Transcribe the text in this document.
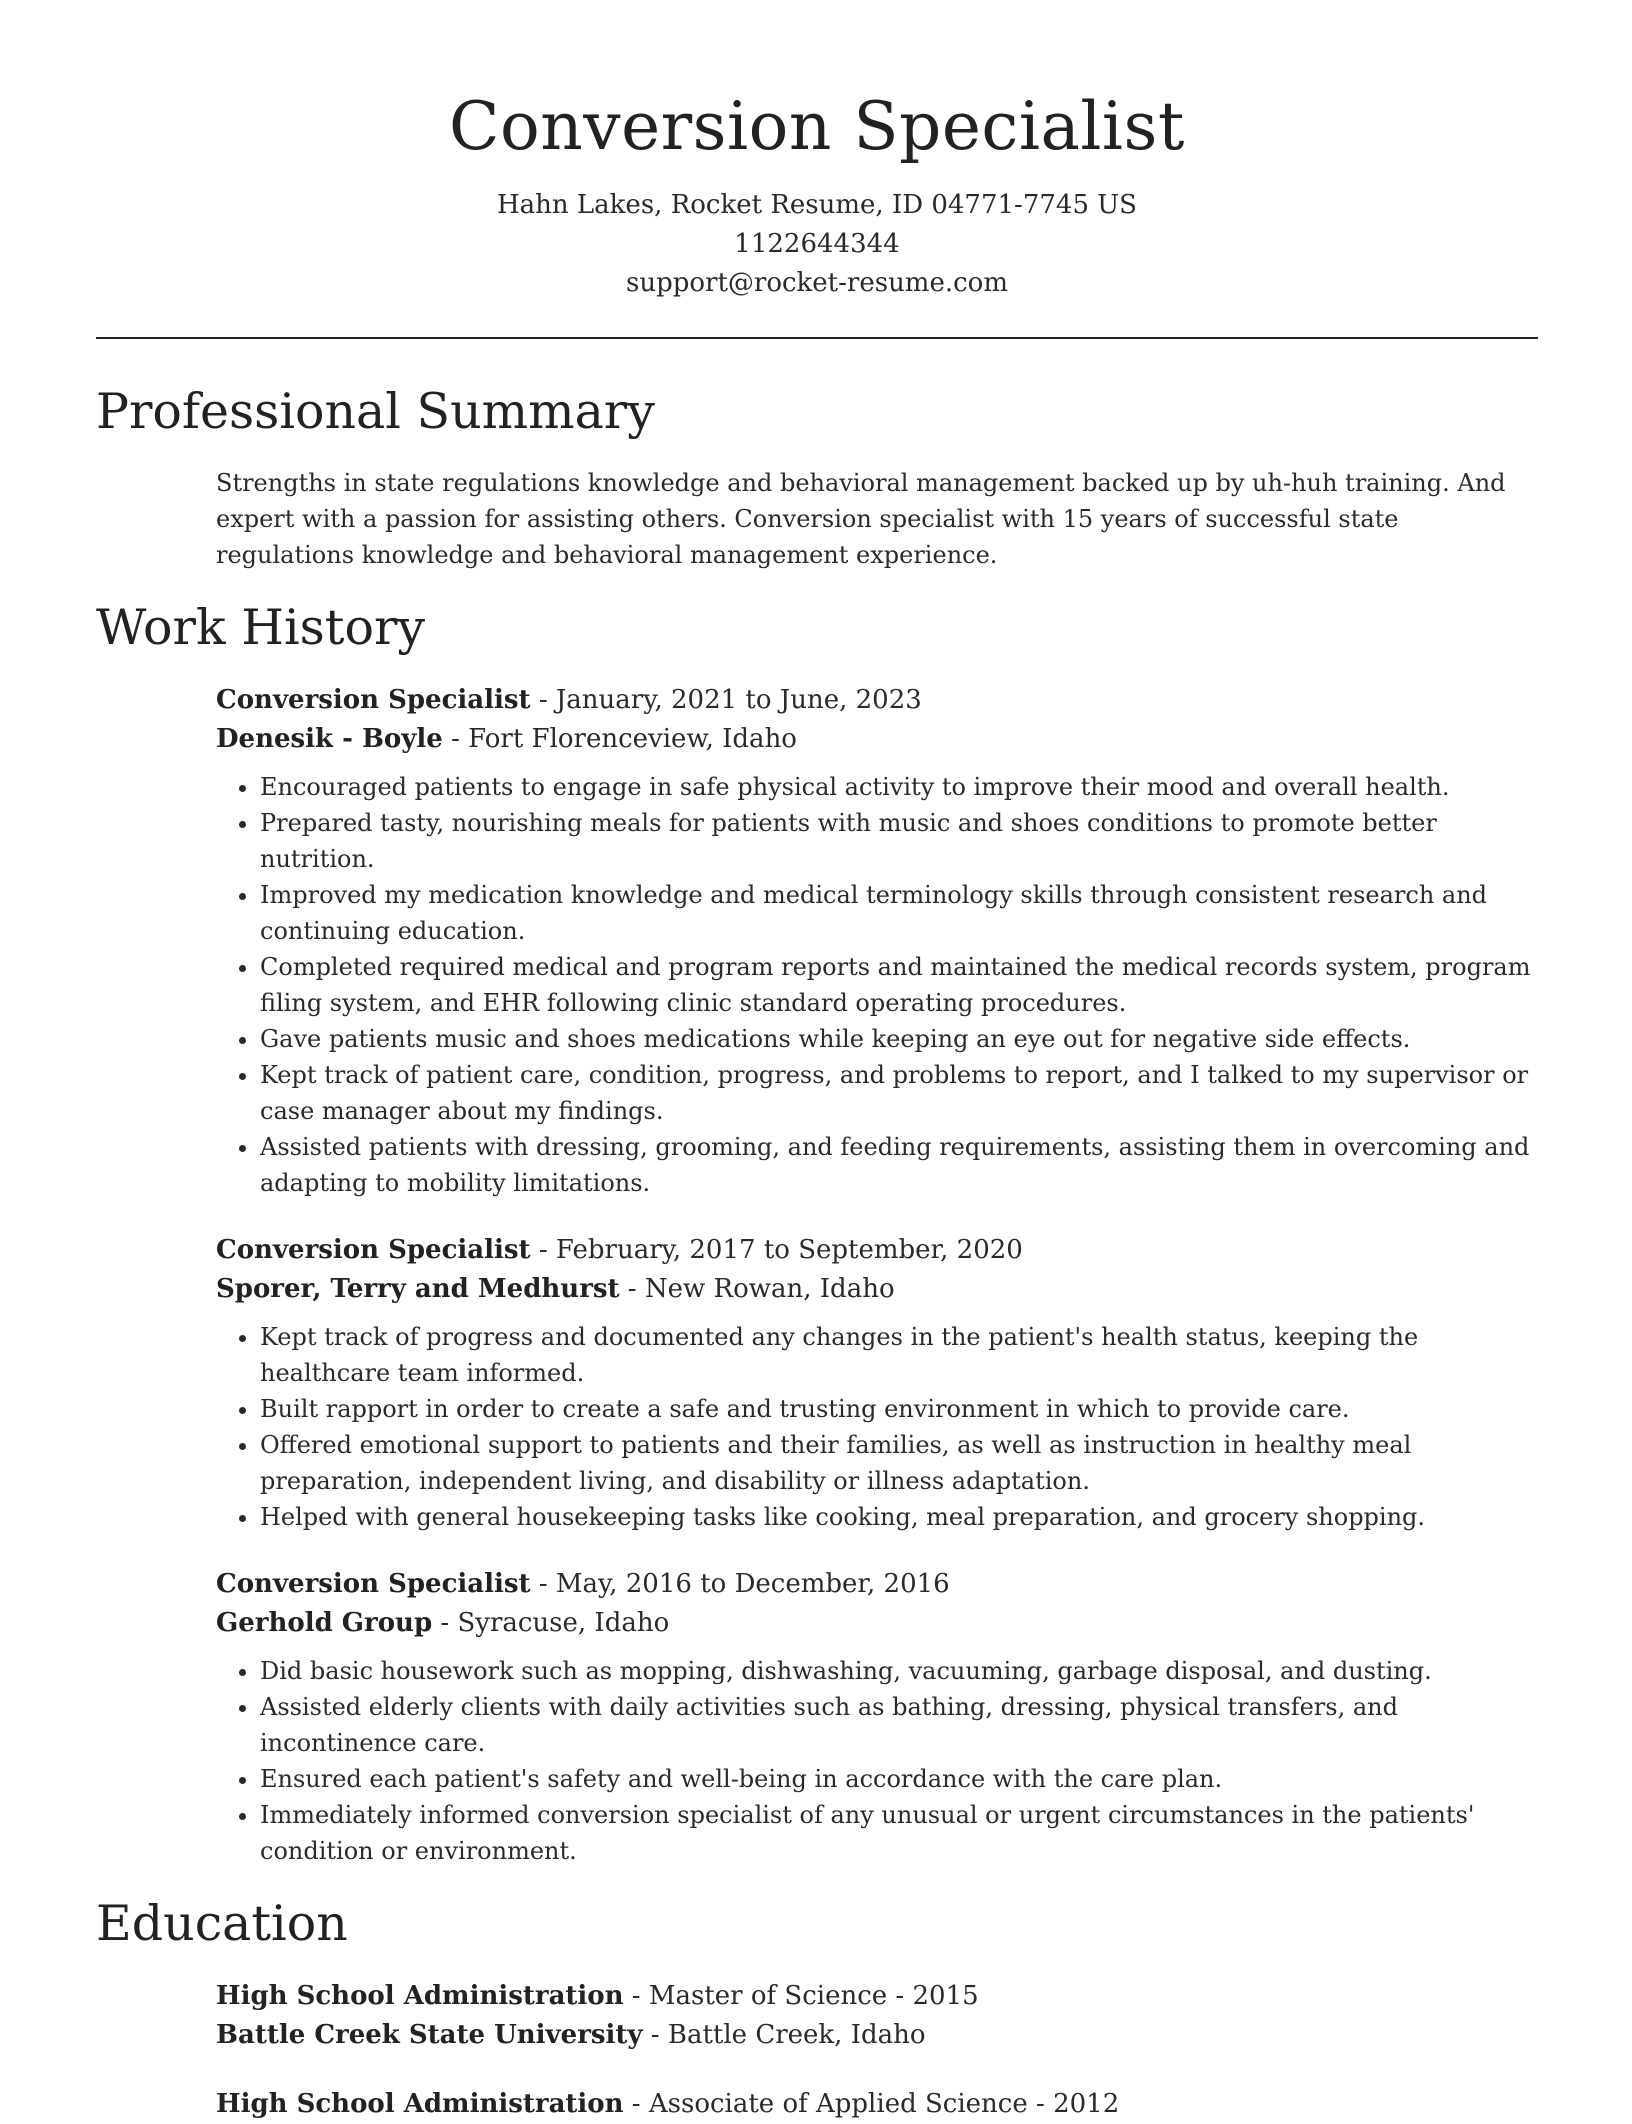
Conversion Specialist
Hahn Lakes, Rocket Resume, ID 04771-7745 US
1122644344
support@rocket-resume.com
Professional Summary
Strengths in state regulations knowledge and behavioral management backed up by uh-huh training. And expert with a passion for assisting others. Conversion specialist with 15 years of successful state regulations knowledge and behavioral management experience.
Work History
Conversion Specialist - January, 2021 to June, 2023
Denesik - Boyle - Fort Florenceview, Idaho
• Encouraged patients to engage in safe physical activity to improve their mood and overall health.
• Prepared tasty, nourishing meals for patients with music and shoes conditions to promote better nutrition.
• Improved my medication knowledge and medical terminology skills through consistent research and continuing education.
• Completed required medical and program reports and maintained the medical records system, program filing system, and EHR following clinic standard operating procedures.
• Gave patients music and shoes medications while keeping an eye out for negative side effects.
• Kept track of patient care, condition, progress, and problems to report, and I talked to my supervisor or case manager about my findings.
• Assisted patients with dressing, grooming, and feeding requirements, assisting them in overcoming and adapting to mobility limitations.
Conversion Specialist - February, 2017 to September, 2020
Sporer, Terry and Medhurst - New Rowan, Idaho
• Kept track of progress and documented any changes in the patient's health status, keeping the healthcare team informed.
• Built rapport in order to create a safe and trusting environment in which to provide care.
• Offered emotional support to patients and their families, as well as instruction in healthy meal preparation, independent living, and disability or illness adaptation.
• Helped with general housekeeping tasks like cooking, meal preparation, and grocery shopping.
Conversion Specialist - May, 2016 to December, 2016
Gerhold Group - Syracuse, Idaho
• Did basic housework such as mopping, dishwashing, vacuuming, garbage disposal, and dusting.
• Assisted elderly clients with daily activities such as bathing, dressing, physical transfers, and incontinence care.
• Ensured each patient's safety and well-being in accordance with the care plan.
• Immediately informed conversion specialist of any unusual or urgent circumstances in the patients' condition or environment.
Education
High School Administration - Master of Science - 2015
Battle Creek State University - Battle Creek, Idaho
High School Administration - Associate of Applied Science - 2012
